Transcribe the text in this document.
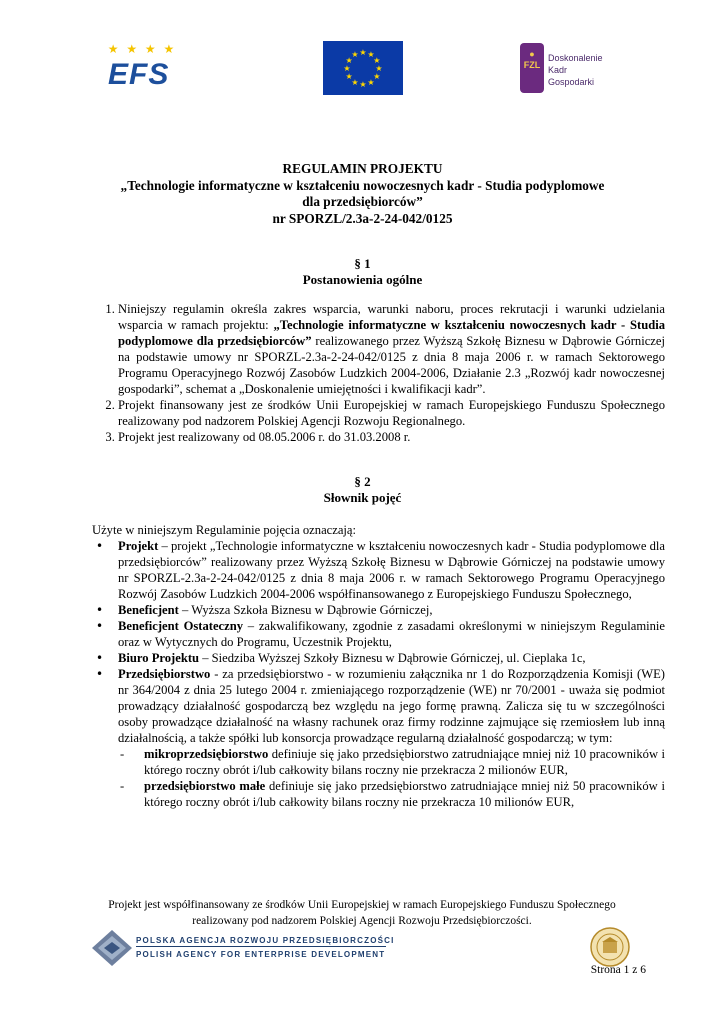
★ ★ ★ ★
EFS	★
★
★
★
★
★
★
★
★ ★ ★
★
●
FZL
Doskonalenie
Kadr
Gospodarki
REGULAMIN PROJEKTU
„Technologie informatyczne w kształceniu nowoczesnych kadr - Studia podyplomowe
dla przedsiębiorców”
nr SPORZL/2.3a-2-24-042/0125
§ 1
Postanowienia ogólne
1. Niniejszy regulamin określa zakres wsparcia, warunki naboru, proces rekrutacji i warunki udzielania wsparcia w ramach projektu: „Technologie informatyczne w kształceniu nowoczesnych kadr - Studia podyplomowe dla przedsiębiorców” realizowanego przez Wyższą Szkołę Biznesu w Dąbrowie Górniczej na podstawie umowy nr SPORZL-2.3a-2-24-042/0125 z dnia 8 maja 2006 r. w ramach Sektorowego Programu Operacyjnego Rozwój Zasobów Ludzkich 2004-2006, Działanie 2.3 „Rozwój kadr nowoczesnej gospodarki”, schemat a „Doskonalenie umiejętności i kwalifikacji kadr”.
2. Projekt finansowany jest ze środków Unii Europejskiej w ramach Europejskiego Funduszu Społecznego realizowany pod nadzorem Polskiej Agencji Rozwoju Regionalnego.
3. Projekt jest realizowany od 08.05.2006 r. do 31.03.2008 r.
§ 2
Słownik pojęć
Użyte w niniejszym Regulaminie pojęcia oznaczają:
• Projekt – projekt „Technologie informatyczne w kształceniu nowoczesnych kadr - Studia podyplomowe dla przedsiębiorców” realizowany przez Wyższą Szkołę Biznesu w Dąbrowie Górniczej na podstawie umowy nr SPORZL-2.3a-2-24-042/0125 z dnia 8 maja 2006 r. w ramach Sektorowego Programu Operacyjnego Rozwój Zasobów Ludzkich 2004-2006 współfinansowanego z Europejskiego Funduszu Społecznego,
• Beneficjent – Wyższa Szkoła Biznesu w Dąbrowie Górniczej,
• Beneficjent Ostateczny – zakwalifikowany, zgodnie z zasadami określonymi w niniejszym Regulaminie oraz w Wytycznych do Programu, Uczestnik Projektu,
• Biuro Projektu – Siedziba Wyższej Szkoły Biznesu w Dąbrowie Górniczej, ul. Cieplaka 1c,
• Przedsiębiorstwo - za przedsiębiorstwo - w rozumieniu załącznika nr 1 do Rozporządzenia Komisji (WE) nr 364/2004 z dnia 25 lutego 2004 r. zmieniającego rozporządzenie (WE) nr 70/2001 - uważa się podmiot prowadzący działalność gospodarczą bez względu na jego formę prawną. Zalicza się tu w szczególności osoby prowadzące działalność na własny rachunek oraz firmy rodzinne zajmujące się rzemiosłem lub inną działalnością, a także spółki lub konsorcja prowadzące regularną działalność gospodarczą; w tym:
- mikroprzedsiębiorstwo definiuje się jako przedsiębiorstwo zatrudniające mniej niż 10 pracowników i którego roczny obrót i/lub całkowity bilans roczny nie przekracza 2 milionów EUR,
- przedsiębiorstwo małe definiuje się jako przedsiębiorstwo zatrudniające mniej niż 50 pracowników i którego roczny obrót i/lub całkowity bilans roczny nie przekracza 10 milionów EUR,
Projekt jest współfinansowany ze środków Unii Europejskiej w ramach Europejskiego Funduszu Społecznego
realizowany pod nadzorem Polskiej Agencji Rozwoju Przedsiębiorczości.
POLSKA AGENCJA ROZWOJU PRZEDSIĘBIORCZOŚCI
POLISH AGENCY FOR ENTERPRISE DEVELOPMENT
Strona 1 z 6
